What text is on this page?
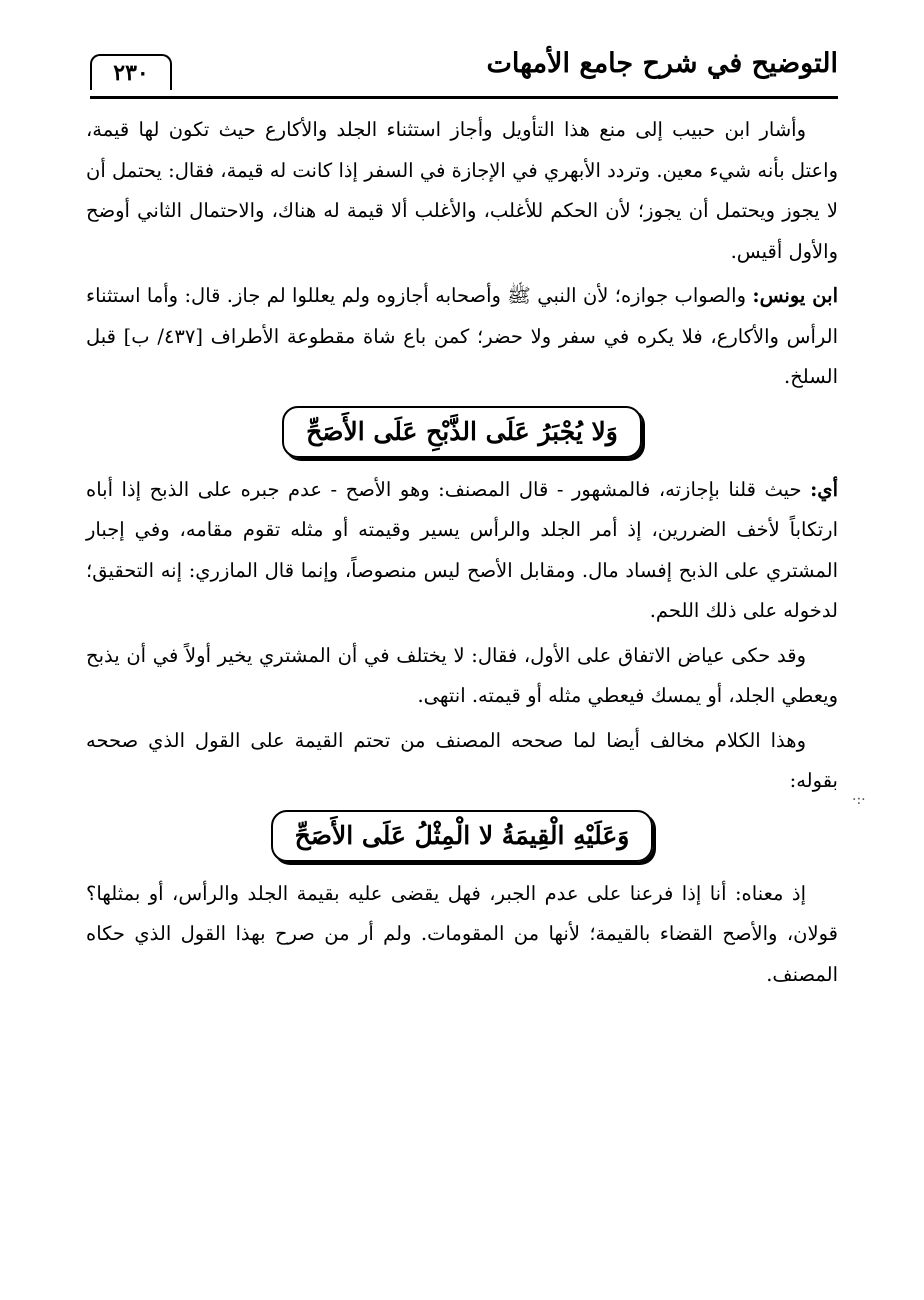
التوضيح في شرح جامع الأمهات
٢٣٠

وأشار ابن حبيب إلى منع هذا التأويل وأجاز استثناء الجلد والأكارع حيث تكون لها قيمة، واعتل بأنه شيء معين. وتردد الأبهري في الإجازة في السفر إذا كانت له قيمة، فقال: يحتمل أن لا يجوز ويحتمل أن يجوز؛ لأن الحكم للأغلب، والأغلب ألا قيمة له هناك، والاحتمال الثاني أوضح والأول أقيس.

ابن يونس: والصواب جوازه؛ لأن النبي ﷺ وأصحابه أجازوه ولم يعللوا لم جاز. قال: وأما استثناء الرأس والأكارع، فلا يكره في سفر ولا حضر؛ كمن باع شاة مقطوعة الأطراف [٤٣٧/ ب] قبل السلخ.

وَلا يُجْبَرُ عَلَى الذَّبْحِ عَلَى الأَصَحِّ

أي: حيث قلنا بإجازته، فالمشهور - قال المصنف: وهو الأصح - عدم جبره على الذبح إذا أباه ارتكاباً لأخف الضررين، إذ أمر الجلد والرأس يسير وقيمته أو مثله تقوم مقامه، وفي إجبار المشتري على الذبح إفساد مال. ومقابل الأصح ليس منصوصاً، وإنما قال المازري: إنه التحقيق؛ لدخوله على ذلك اللحم.

وقد حكى عياض الاتفاق على الأول، فقال: لا يختلف في أن المشتري يخير أولاً في أن يذبح ويعطي الجلد، أو يمسك فيعطي مثله أو قيمته. انتهى.

وهذا الكلام مخالف أيضا لما صححه المصنف من تحتم القيمة على القول الذي صححه بقوله:

وَعَلَيْهِ الْقِيمَةُ لا الْمِثْلُ عَلَى الأَصَحِّ

إذ معناه: أنا إذا فرعنا على عدم الجبر، فهل يقضى عليه بقيمة الجلد والرأس، أو بمثلها؟ قولان، والأصح القضاء بالقيمة؛ لأنها من المقومات. ولم أر من صرح بهذا القول الذي حكاه المصنف.

·:·
